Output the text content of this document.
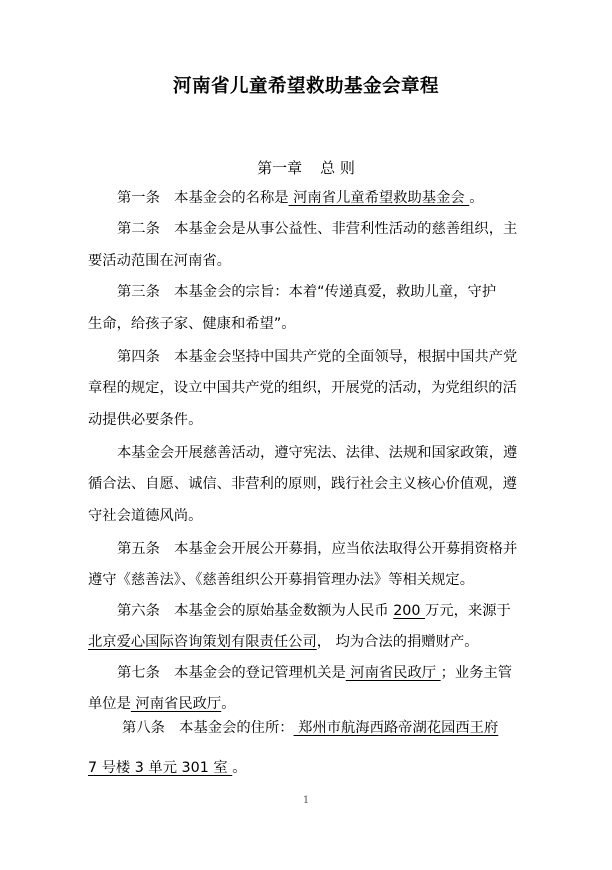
河南省儿童希望救助基金会章程
第一章 总 则
第一条　本基金会的名称是 河南省儿童希望救助基金会 。
第二条　本基金会是从事公益性、非营利性活动的慈善组织，主
要活动范围在河南省。
第三条　本基金会的宗旨：本着“传递真爱，救助儿童，守护
生命，给孩子家、健康和希望”。
第四条　本基金会坚持中国共产党的全面领导，根据中国共产党
章程的规定，设立中国共产党的组织，开展党的活动，为党组织的活
动提供必要条件。
本基金会开展慈善活动，遵守宪法、法律、法规和国家政策，遵
循合法、自愿、诚信、非营利的原则，践行社会主义核心价值观，遵
守社会道德风尚。
第五条　本基金会开展公开募捐，应当依法取得公开募捐资格并
遵守《慈善法》、《慈善组织公开募捐管理办法》等相关规定。
第六条　本基金会的原始基金数额为人民币 200 万元，来源于
北京爱心国际咨询策划有限责任公司， 均为合法的捐赠财产。
第七条　本基金会的登记管理机关是 河南省民政厅 ；业务主管
单位是 河南省民政厅。
第八条　本基金会的住所： 郑州市航海西路帝湖花园西王府
7 号楼 3 单元 301 室 。
1
